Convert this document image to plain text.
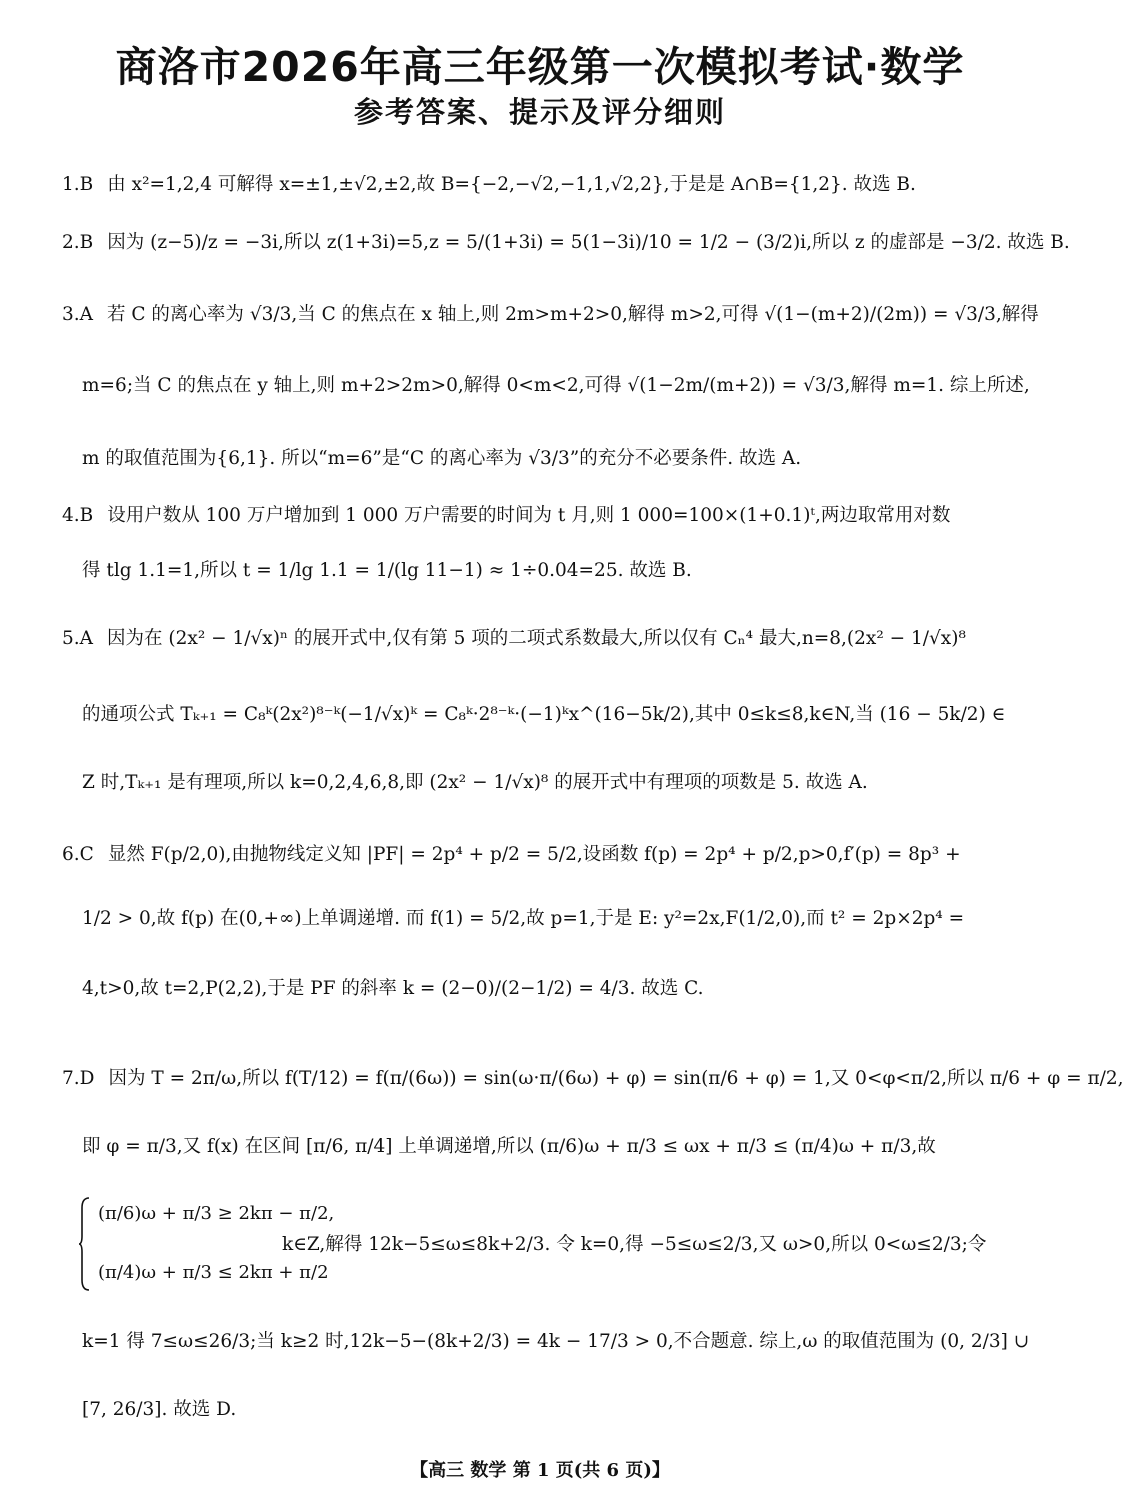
商洛市2026年高三年级第一次模拟考试·数学
参考答案、提示及评分细则
1.B 由 x²=1,2,4 可解得 x=±1,±√2,±2,故 B={−2,−√2,−1,1,√2,2},于是是 A∩B={1,2}. 故选 B.
2.B 因为 (z−5)/z = −3i,所以 z(1+3i)=5,z = 5/(1+3i) = 5(1−3i)/10 = 1/2 − (3/2)i,所以 z 的虚部是 −3/2. 故选 B.
3.A 若 C 的离心率为 √3/3,当 C 的焦点在 x 轴上,则 2m>m+2>0,解得 m>2,可得 √(1−(m+2)/(2m)) = √3/3,解得
m=6;当 C 的焦点在 y 轴上,则 m+2>2m>0,解得 0<m<2,可得 √(1−2m/(m+2)) = √3/3,解得 m=1. 综上所述,
m 的取值范围为{6,1}. 所以“m=6”是“C 的离心率为 √3/3”的充分不必要条件. 故选 A.
4.B 设用户数从 100 万户增加到 1 000 万户需要的时间为 t 月,则 1 000=100×(1+0.1)ᵗ,两边取常用对数
得 tlg 1.1=1,所以 t = 1/lg 1.1 = 1/(lg 11−1) ≈ 1÷0.04=25. 故选 B.
5.A 因为在 (2x² − 1/√x)ⁿ 的展开式中,仅有第 5 项的二项式系数最大,所以仅有 Cₙ⁴ 最大,n=8,(2x² − 1/√x)⁸
的通项公式 Tₖ₊₁ = C₈ᵏ(2x²)⁸⁻ᵏ(−1/√x)ᵏ = C₈ᵏ·2⁸⁻ᵏ·(−1)ᵏx^(16−5k/2),其中 0≤k≤8,k∈N,当 (16 − 5k/2) ∈
Z 时,Tₖ₊₁ 是有理项,所以 k=0,2,4,6,8,即 (2x² − 1/√x)⁸ 的展开式中有理项的项数是 5. 故选 A.
6.C 显然 F(p/2,0),由抛物线定义知 |PF| = 2p⁴ + p/2 = 5/2,设函数 f(p) = 2p⁴ + p/2,p>0,f′(p) = 8p³ +
1/2 > 0,故 f(p) 在(0,+∞)上单调递增. 而 f(1) = 5/2,故 p=1,于是 E: y²=2x,F(1/2,0),而 t² = 2p×2p⁴ =
4,t>0,故 t=2,P(2,2),于是 PF 的斜率 k = (2−0)/(2−1/2) = 4/3. 故选 C.
7.D 因为 T = 2π/ω,所以 f(T/12) = f(π/(6ω)) = sin(ω·π/(6ω) + φ) = sin(π/6 + φ) = 1,又 0<φ<π/2,所以 π/6 + φ = π/2,
即 φ = π/3,又 f(x) 在区间 [π/6, π/4] 上单调递增,所以 (π/6)ω + π/3 ≤ ωx + π/3 ≤ (π/4)ω + π/3,故
(π/6)ω + π/3 ≥ 2kπ − π/2,
(π/4)ω + π/3 ≤ 2kπ + π/2
k∈Z,解得 12k−5≤ω≤8k+2/3. 令 k=0,得 −5≤ω≤2/3,又 ω>0,所以 0<ω≤2/3;令
k=1 得 7≤ω≤26/3;当 k≥2 时,12k−5−(8k+2/3) = 4k − 17/3 > 0,不合题意. 综上,ω 的取值范围为 (0, 2/3] ∪
[7, 26/3]. 故选 D.
【高三 数学 第 1 页(共 6 页)】
